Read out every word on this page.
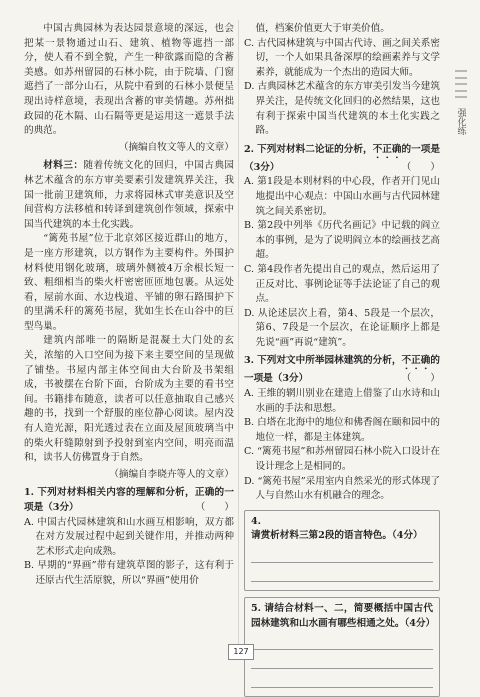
中国古典园林为表达园景意境的深远，也会把某一景物通过山石、建筑、植物等遮挡一部分，使人看不到全貌，产生一种欲露而隐的含蓄美感。如苏州留园的石林小院，由于院墙、门窗遮挡了一部分山石，从院中看到的石林小景便呈现出诗样意境，表现出含蓄的审美情趣。苏州拙政园的花木隔、山石隔等更是运用这一遮景手法的典范。

（摘编自牧文等人的文章）

材料三：随着传统文化的回归，中国古典园林艺术蕴含的东方审美要素引发建筑界关注，我国一批前卫建筑师，力求将园林式审美意识及空间营构方法移植和转译到建筑创作领域，探索中国当代建筑的本土化实践。

“篱苑书屋”位于北京郊区接近群山的地方，是一座方形建筑，以方钢作为主要构件。外围护材料使用钢化玻璃，玻璃外侧被4万余根长短一致、粗细相当的柴火杆密密匝匝地包裹。从远处看，屋前水面、水边栈道、平铺的卵石路围护下的里满禾秆的篱苑书屋，犹如生长在山谷中的巨型鸟巢。

建筑内部唯一的隔断是混凝土大门处的玄关，浓缩的入口空间为接下来主要空间的呈现做了铺垫。书屋内部主体空间由大台阶及书架组成，书被摆在台阶下面，台阶成为主要的看书空间。书籍排布随意，读者可以任意抽取自己感兴趣的书，找到一个舒服的座位静心阅读。屋内没有人造光源，阳光透过表在立面及屋顶玻璃当中的柴火秆缝隙射到予投射到室内空间，明亮而温和，读书人仿佛置身于自然。

（摘编自李晓卉等人的文章）

1. 下列对材料相关内容的理解和分析，正确的一项是（3分）	（　　）

A. 中国古代园林建筑和山水画互相影响，双方都在对方发展过程中起到关键作用，并推动两种艺术形式走向成熟。

B. 早期的“界画”带有建筑草图的影子，这有利于还原古代生活原貌，所以“界画”使用价

值，档案价值更大于审美价值。

C. 古代园林建筑与中国古代诗、画之间关系密切，一个人如果具备深厚的绘画素养与文学素养，就能成为一个杰出的造园大师。

D. 古典园林艺术蕴含的东方审美引发当今建筑界关注，是传统文化回归的必然结果，这也有利于探索中国当代建筑的本土化实践之路。

2. 下列对材料二论证的分析，不正确的一项是（3分）	（　　）

A. 第1段是本则材料的中心段，作者开门见山地提出中心观点：中国山水画与古代园林建筑之间关系密切。

B. 第2段中列举《历代名画记》中记载的阎立本的事例，是为了说明阎立本的绘画技艺高超。

C. 第4段作者先提出自己的观点，然后运用了正反对比、事例论证等手法论证了自己的观点。

D. 从论述层次上看，第4、5段是一个层次，第6、7段是一个层次，在论证顺序上都是先说“画”再说“建筑”。

3. 下列对文中所举园林建筑的分析，不正确的一项是（3分）	（　　）

A. 王维的辋川别业在建造上借鉴了山水诗和山水画的手法和思想。

B. 白塔在北海中的地位和佛香阁在颐和园中的地位一样，都是主体建筑。

C. “篱苑书屋”和苏州留园石林小院入口设计在设计理念上是相同的。

D. “篱苑书屋”采用室内自然采光的形式体现了人与自然山水有机融合的理念。

4. 请赏析材料三第2段的语言特色。（4分）

5. 请结合材料一、二，简要概括中国古代园林建筑和山水画有哪些相通之处。（4分）

强化练
127
